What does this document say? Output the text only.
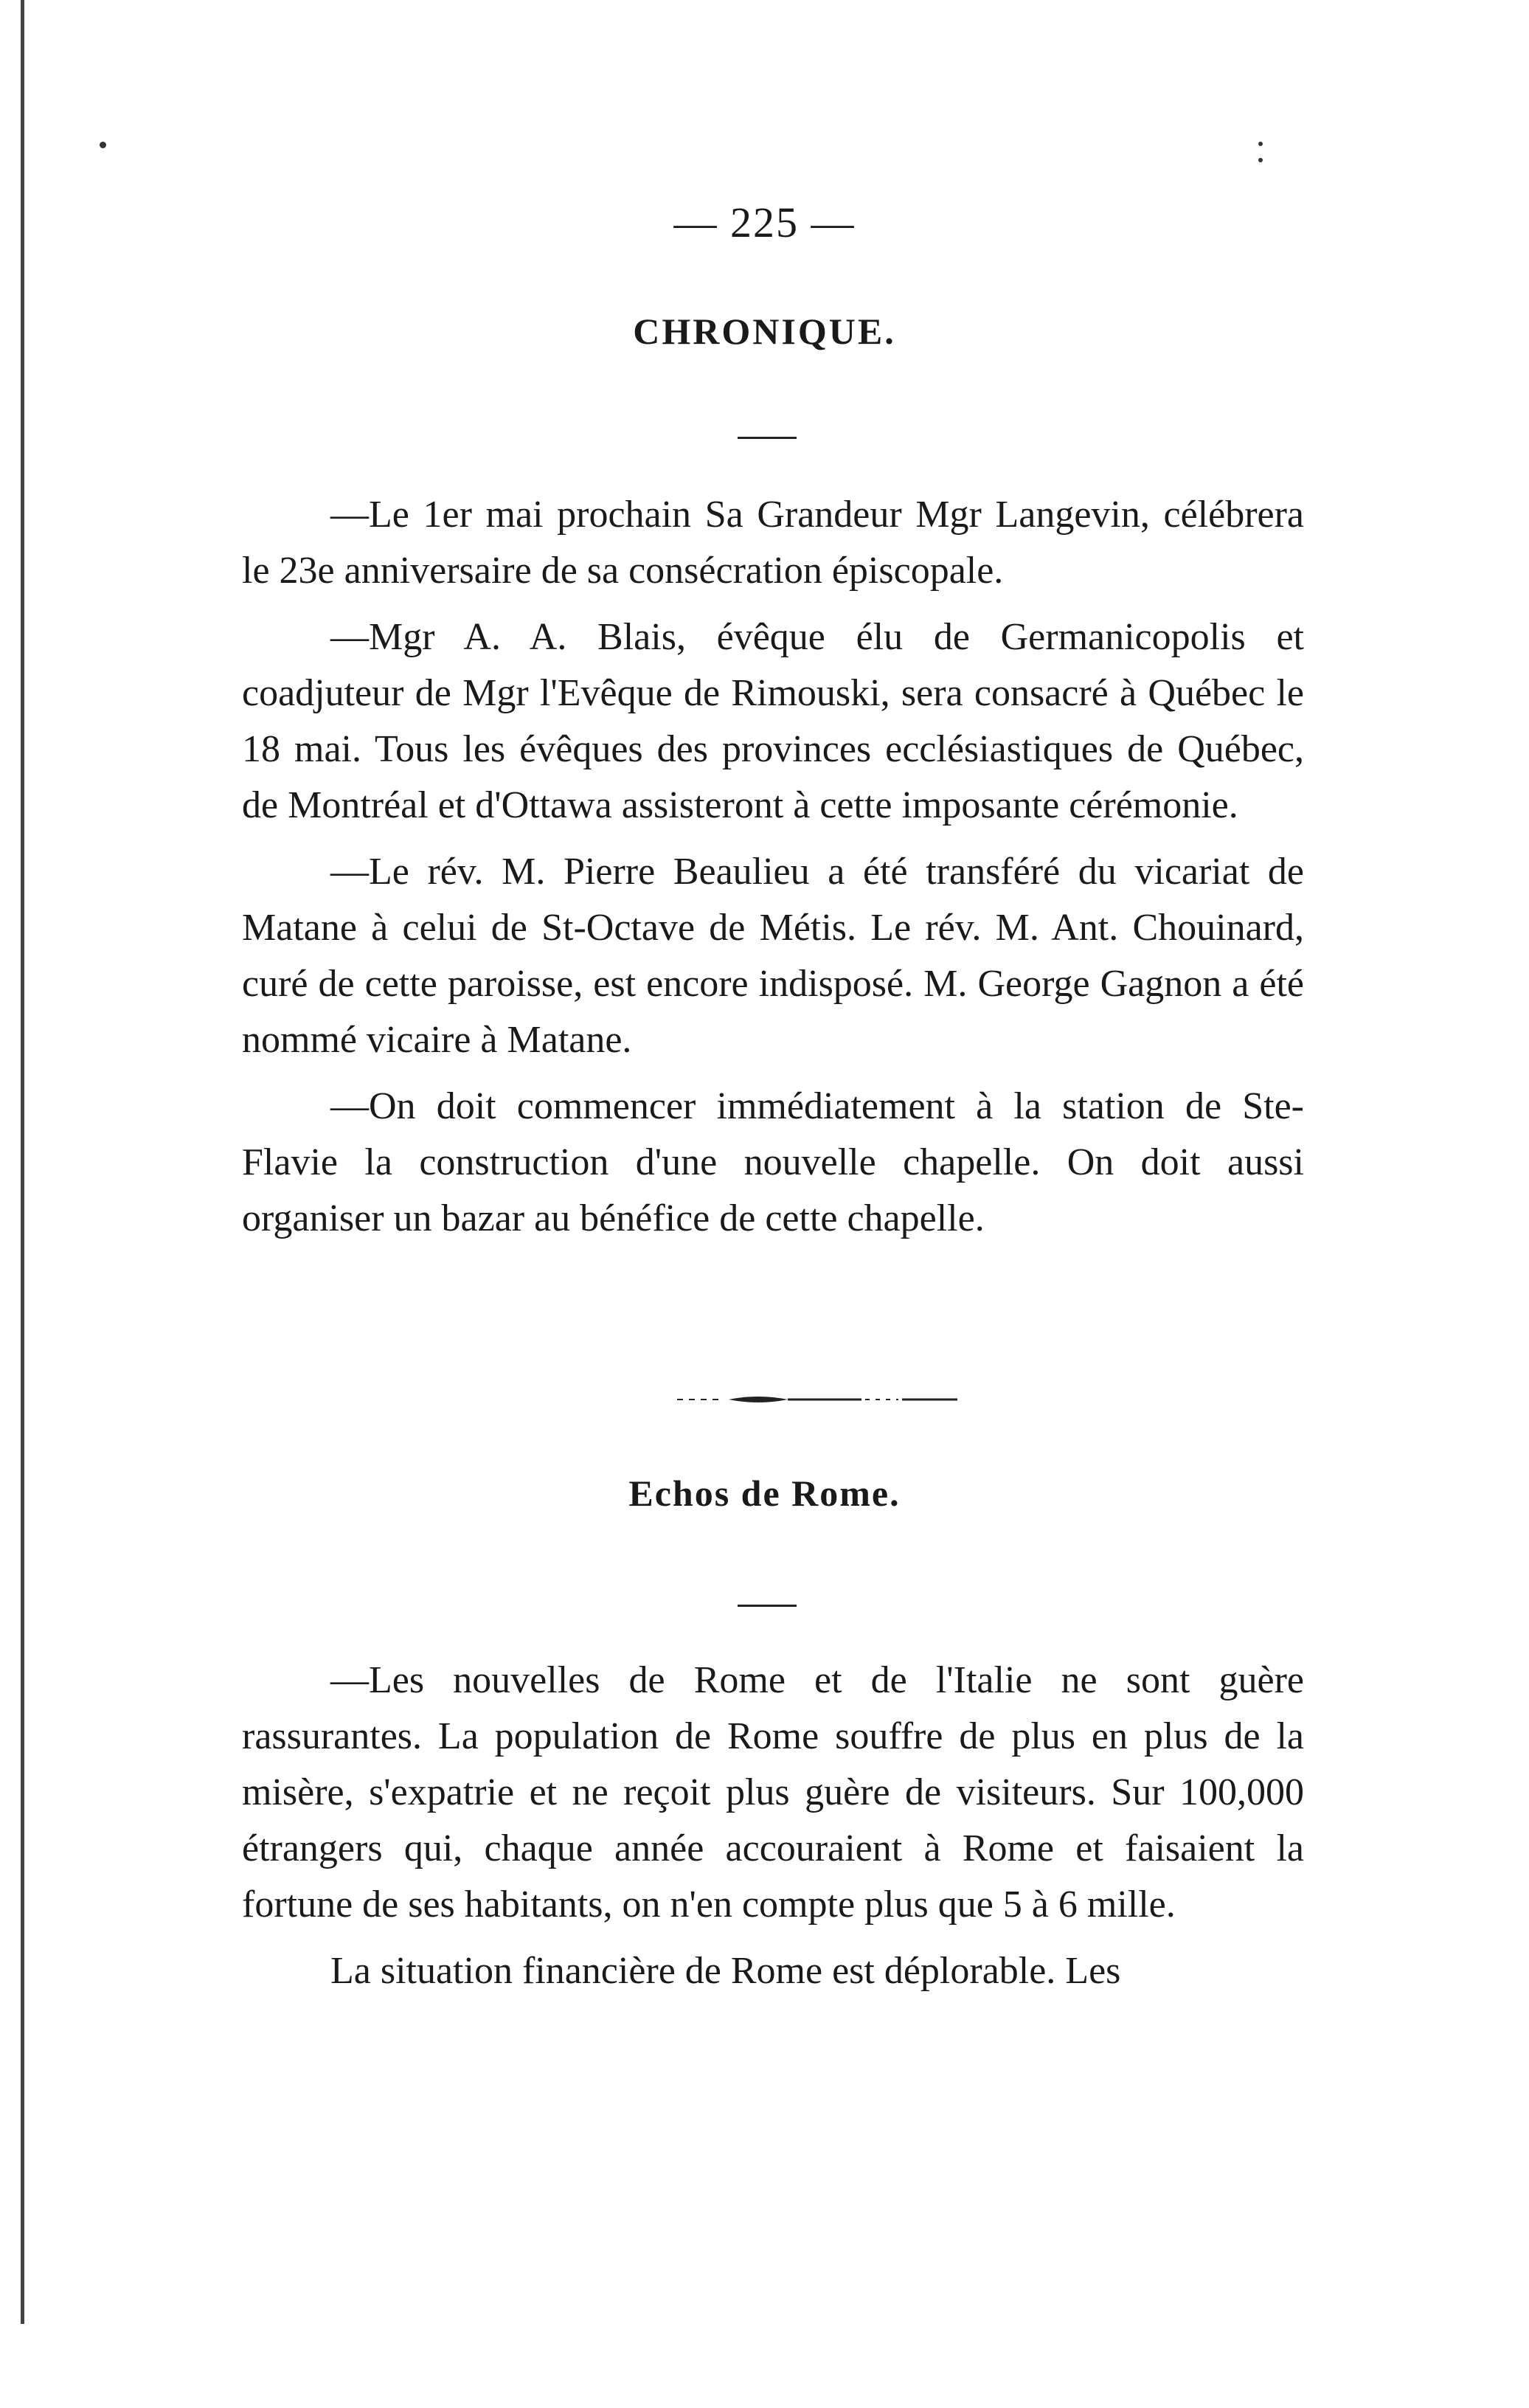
— 225 —
CHRONIQUE.

—Le 1er mai prochain Sa Grandeur Mgr Langevin, célébrera le 23e anniversaire de sa consécration épiscopale.

—Mgr A. A. Blais, évêque élu de Germanicopolis et coadjuteur de Mgr l'Evêque de Rimouski, sera consacré à Québec le 18 mai. Tous les évêques des provinces ecclésiastiques de Québec, de Montréal et d'Ottawa assisteront à cette imposante cérémonie.

—Le rév. M. Pierre Beaulieu a été transféré du vicariat de Matane à celui de St-Octave de Métis. Le rév. M. Ant. Chouinard, curé de cette paroisse, est encore indisposé. M. George Gagnon a été nommé vicaire à Matane.

—On doit commencer immédiatement à la station de Ste-Flavie la construction d'une nouvelle chapelle. On doit aussi organiser un bazar au bénéfice de cette chapelle.

Echos de Rome.

—Les nouvelles de Rome et de l'Italie ne sont guère rassurantes. La population de Rome souffre de plus en plus de la misère, s'expatrie et ne reçoit plus guère de visiteurs. Sur 100,000 étrangers qui, chaque année accouraient à Rome et faisaient la fortune de ses habitants, on n'en compte plus que 5 à 6 mille.

La situation financière de Rome est déplorable. Les
